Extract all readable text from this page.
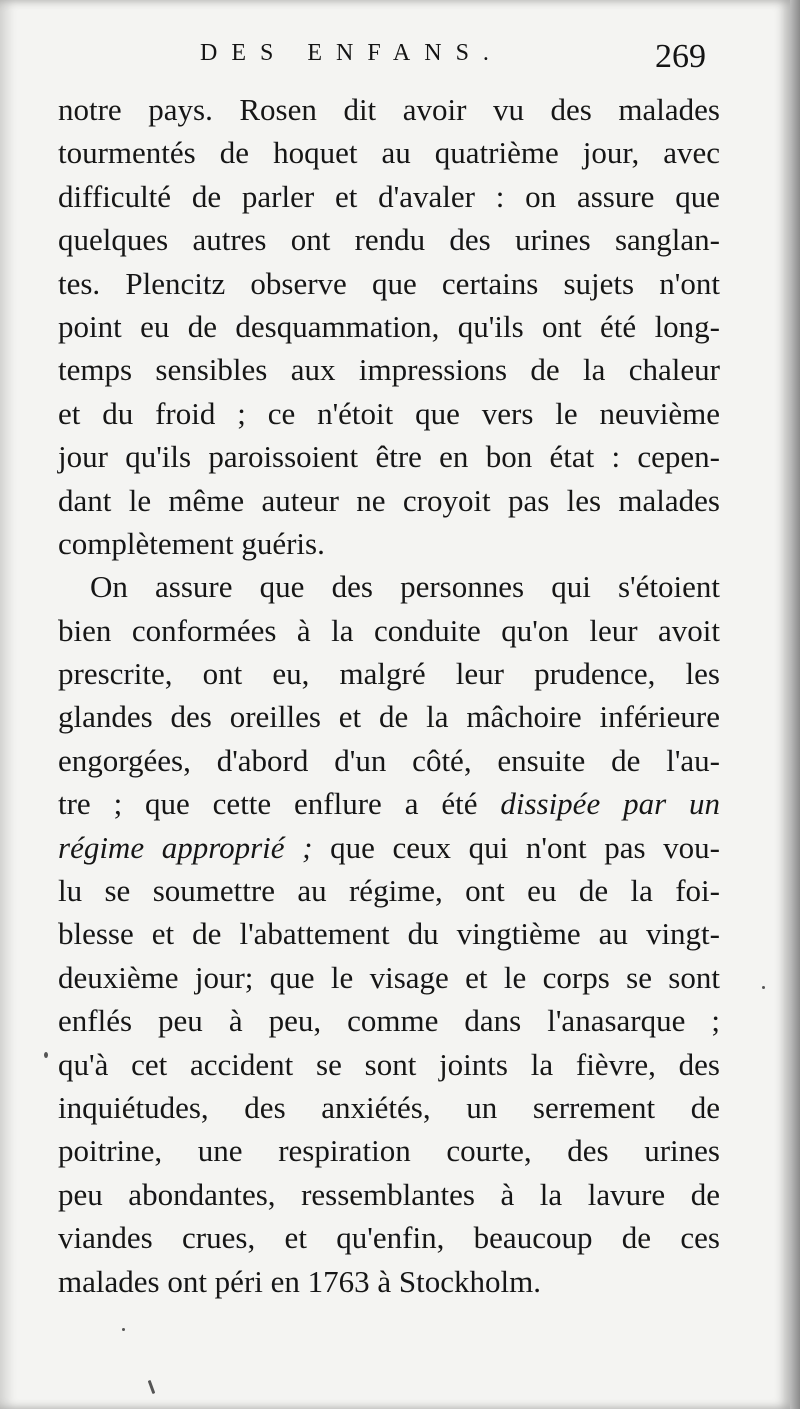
DES ENFANS.	269
notre pays. Rosen dit avoir vu des malades
tourmentés de hoquet au quatrième jour, avec
difficulté de parler et d'avaler : on assure que
quelques autres ont rendu des urines sanglan-
tes. Plencitz observe que certains sujets n'ont
point eu de desquammation, qu'ils ont été long-
temps sensibles aux impressions de la chaleur
et du froid ; ce n'étoit que vers le neuvième
jour qu'ils paroissoient être en bon état : cepen-
dant le même auteur ne croyoit pas les malades
complètement guéris.
On assure que des personnes qui s'étoient
bien conformées à la conduite qu'on leur avoit
prescrite, ont eu, malgré leur prudence, les
glandes des oreilles et de la mâchoire inférieure
engorgées, d'abord d'un côté, ensuite de l'au-
tre ; que cette enflure a été dissipée par un
régime approprié ; que ceux qui n'ont pas vou-
lu se soumettre au régime, ont eu de la foi-
blesse et de l'abattement du vingtième au vingt-
deuxième jour; que le visage et le corps se sont
enflés peu à peu, comme dans l'anasarque ;
qu'à cet accident se sont joints la fièvre, des
inquiétudes, des anxiétés, un serrement de
poitrine, une respiration courte, des urines
peu abondantes, ressemblantes à la lavure de
viandes crues, et qu'enfin, beaucoup de ces
malades ont péri en 1763 à Stockholm.
